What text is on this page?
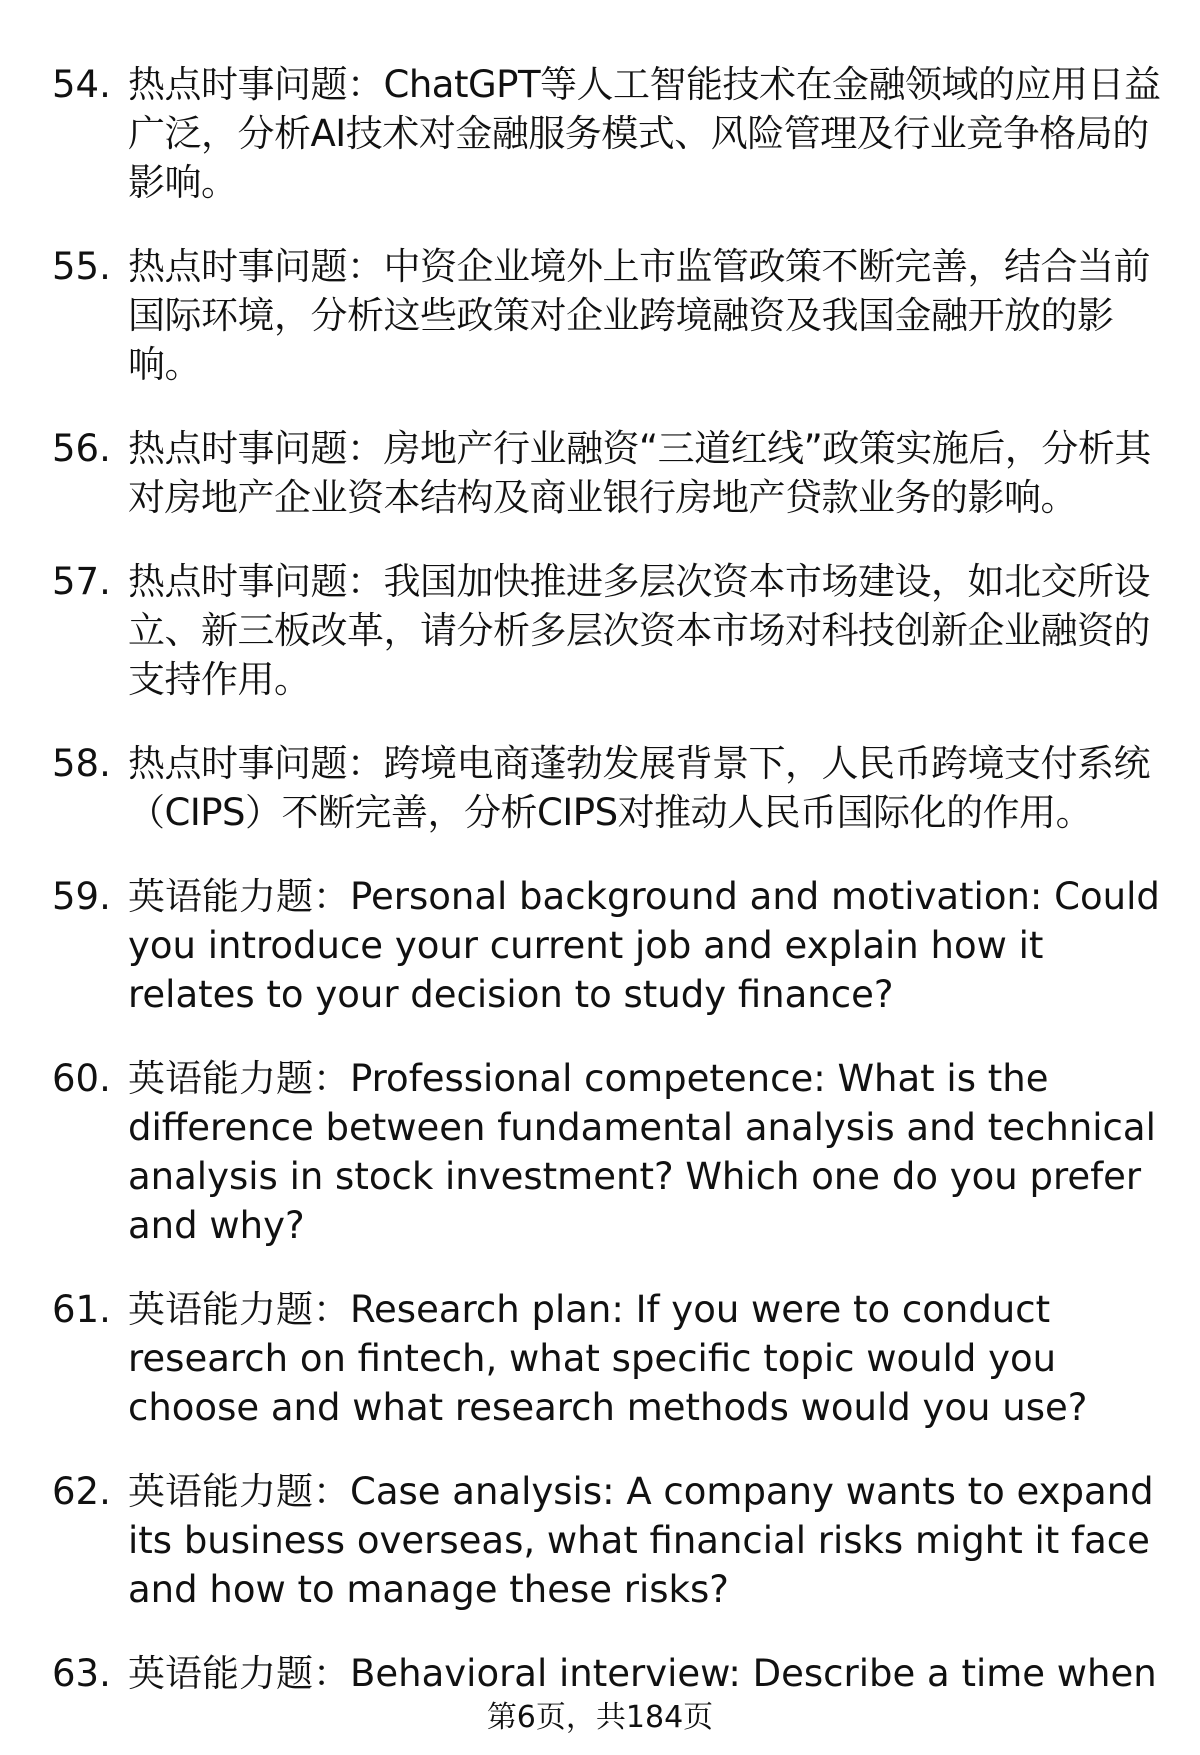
54. 热点时事问题：ChatGPT等人工智能技术在金融领域的应用日益广泛，分析AI技术对金融服务模式、风险管理及行业竞争格局的影响。
55. 热点时事问题：中资企业境外上市监管政策不断完善，结合当前国际环境，分析这些政策对企业跨境融资及我国金融开放的影响。
56. 热点时事问题：房地产行业融资“三道红线”政策实施后，分析其对房地产企业资本结构及商业银行房地产贷款业务的影响。
57. 热点时事问题：我国加快推进多层次资本市场建设，如北交所设立、新三板改革，请分析多层次资本市场对科技创新企业融资的支持作用。
58. 热点时事问题：跨境电商蓬勃发展背景下，人民币跨境支付系统（CIPS）不断完善，分析CIPS对推动人民币国际化的作用。
59. 英语能力题：Personal background and motivation: Could you introduce your current job and explain how it relates to your decision to study finance?
60. 英语能力题：Professional competence: What is the difference between fundamental analysis and technical analysis in stock investment? Which one do you prefer and why?
61. 英语能力题：Research plan: If you were to conduct research on fintech, what specific topic would you choose and what research methods would you use?
62. 英语能力题：Case analysis: A company wants to expand its business overseas, what financial risks might it face and how to manage these risks?
63. 英语能力题：Behavioral interview: Describe a time when
第6页，共184页
